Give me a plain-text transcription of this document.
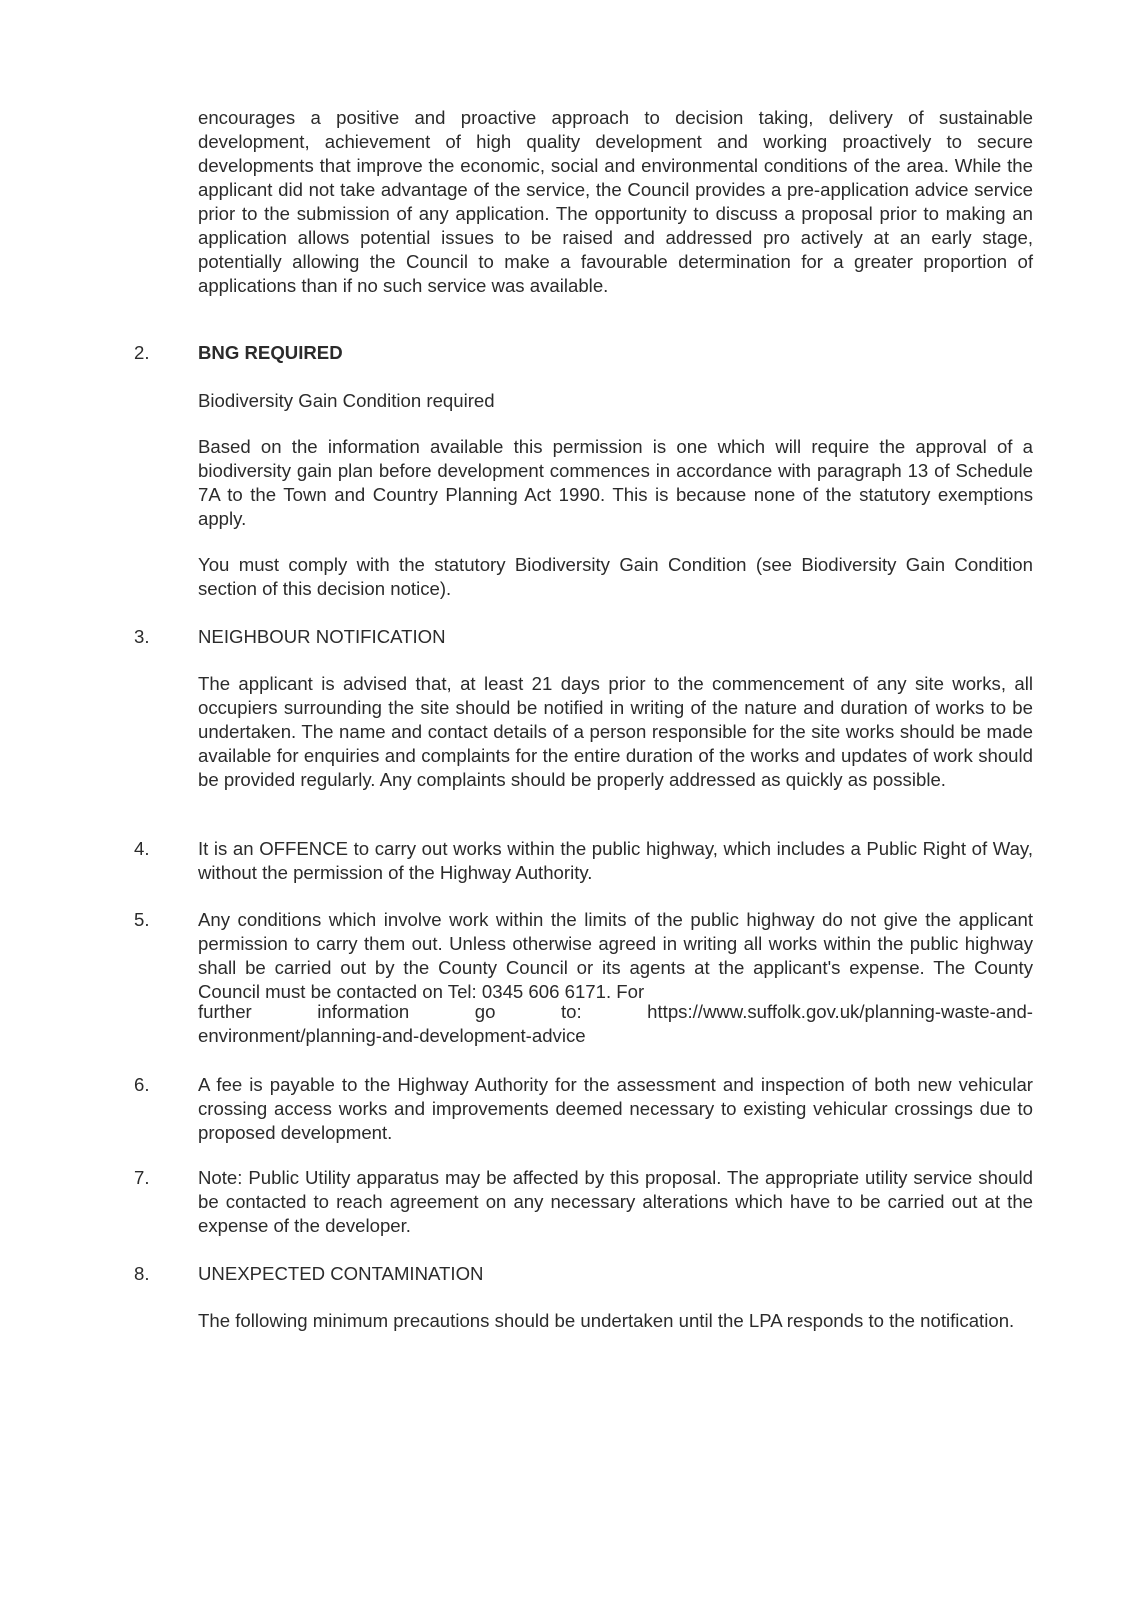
encourages a positive and proactive approach to decision taking, delivery of sustainable development, achievement of high quality development and working proactively to secure developments that improve the economic, social and environmental conditions of the area. While the applicant did not take advantage of the service, the Council provides a pre-application advice service prior to the submission of any application. The opportunity to discuss a proposal prior to making an application allows potential issues to be raised and addressed pro actively at an early stage, potentially allowing the Council to make a favourable determination for a greater proportion of applications than if no such service was available.
2.	BNG REQUIRED
Biodiversity Gain Condition required
Based on the information available this permission is one which will require the approval of a biodiversity gain plan before development commences in accordance with paragraph 13 of Schedule 7A to the Town and Country Planning Act 1990. This is because none of the statutory exemptions apply.
You must comply with the statutory Biodiversity Gain Condition (see Biodiversity Gain Condition section of this decision notice).
3.	NEIGHBOUR NOTIFICATION
The applicant is advised that, at least 21 days prior to the commencement of any site works, all occupiers surrounding the site should be notified in writing of the nature and duration of works to be undertaken. The name and contact details of a person responsible for the site works should be made available for enquiries and complaints for the entire duration of the works and updates of work should be provided regularly. Any complaints should be properly addressed as quickly as possible.
4.	It is an OFFENCE to carry out works within the public highway, which includes a Public Right of Way, without the permission of the Highway Authority.
5.	Any conditions which involve work within the limits of the public highway do not give the applicant permission to carry them out. Unless otherwise agreed in writing all works within the public highway shall be carried out by the County Council or its agents at the applicant's expense. The County Council must be contacted on Tel: 0345 606 6171. For
further information go to: https://www.suffolk.gov.uk/planning-waste-and-
environment/planning-and-development-advice
6.	A fee is payable to the Highway Authority for the assessment and inspection of both new vehicular crossing access works and improvements deemed necessary to existing vehicular crossings due to proposed development.
7.	Note: Public Utility apparatus may be affected by this proposal. The appropriate utility service should be contacted to reach agreement on any necessary alterations which have to be carried out at the expense of the developer.
8.	UNEXPECTED CONTAMINATION
The following minimum precautions should be undertaken until the LPA responds to the notification.
